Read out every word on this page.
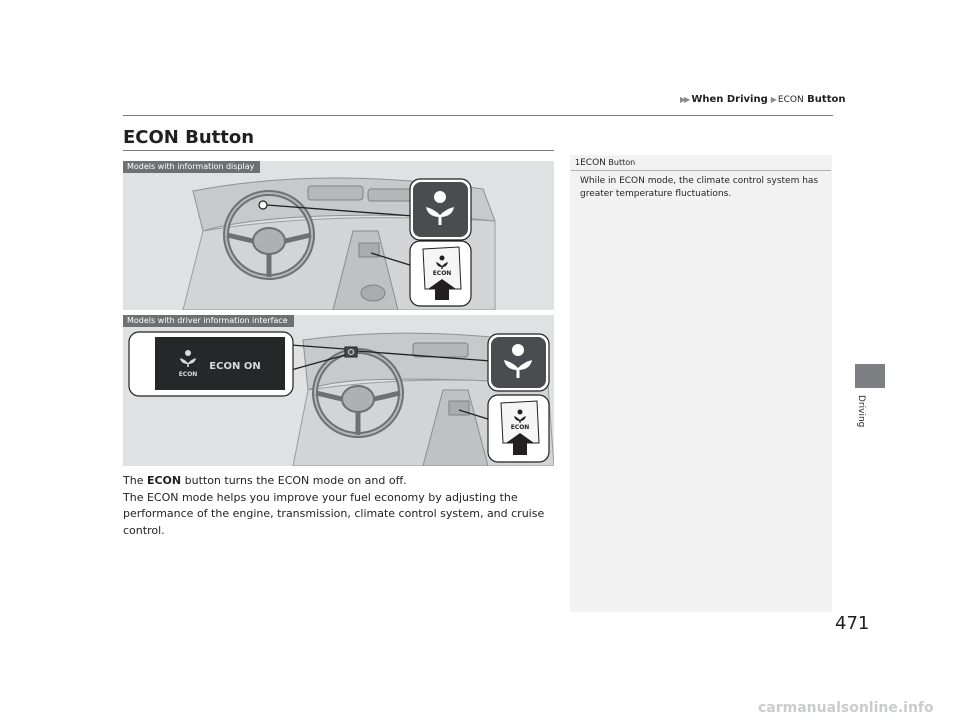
▶▶ When Driving ▶ ECON Button
ECON Button
ECON
Models with information display
ECON
ECON ON
ECON
Models with driver information interface

The ECON button turns the ECON mode on and off.

The ECON mode helps you improve your fuel economy by adjusting the performance of the engine, transmission, climate control system, and cruise control.

1ECON Button
While in ECON mode, the climate control system has greater temperature fluctuations.
Driving
471
carmanualsonline.info
